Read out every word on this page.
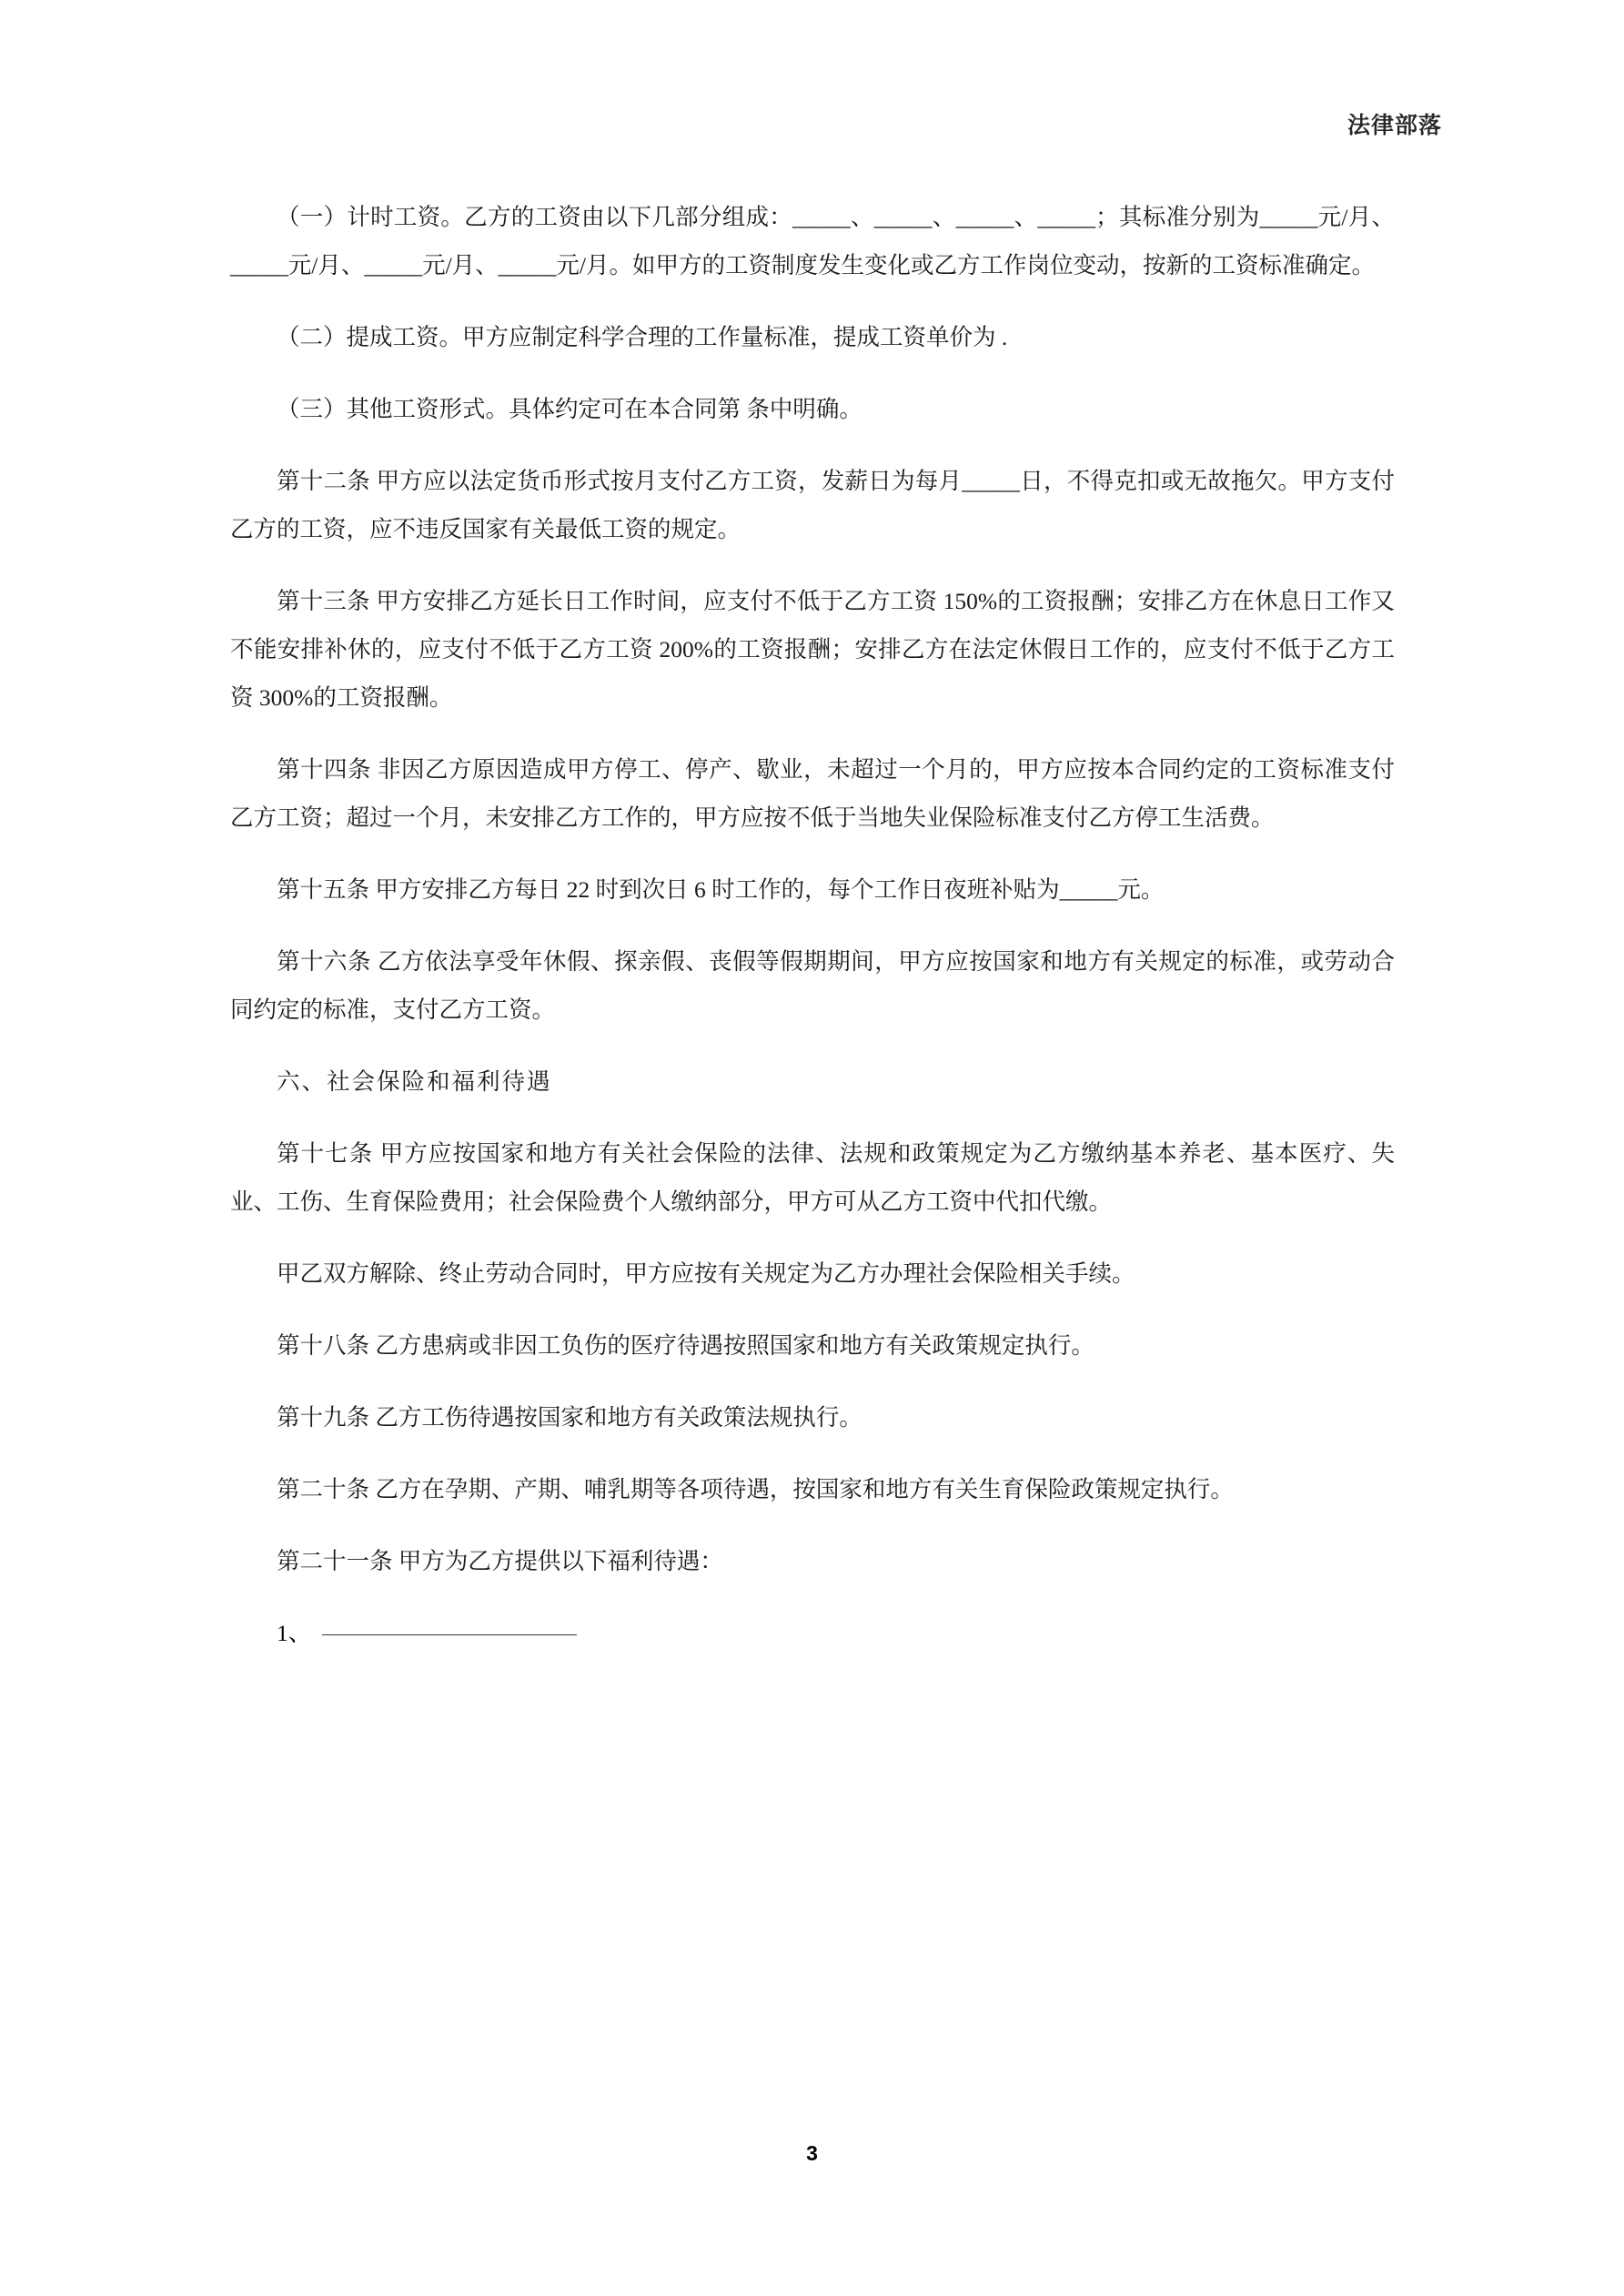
法律部落

（一）计时工资。乙方的工资由以下几部分组成：_____、_____、_____、_____；其标准分别为_____元/月、_____元/月、_____元/月、_____元/月。如甲方的工资制度发生变化或乙方工作岗位变动，按新的工资标准确定。

（二）提成工资。甲方应制定科学合理的工作量标准，提成工资单价为 .

（三）其他工资形式。具体约定可在本合同第 条中明确。

第十二条 甲方应以法定货币形式按月支付乙方工资，发薪日为每月_____日，不得克扣或无故拖欠。甲方支付乙方的工资，应不违反国家有关最低工资的规定。

第十三条 甲方安排乙方延长日工作时间，应支付不低于乙方工资 150%的工资报酬；安排乙方在休息日工作又不能安排补休的，应支付不低于乙方工资 200%的工资报酬；安排乙方在法定休假日工作的，应支付不低于乙方工资 300%的工资报酬。

第十四条 非因乙方原因造成甲方停工、停产、歇业，未超过一个月的，甲方应按本合同约定的工资标准支付乙方工资；超过一个月，未安排乙方工作的，甲方应按不低于当地失业保险标准支付乙方停工生活费。

第十五条 甲方安排乙方每日 22 时到次日 6 时工作的，每个工作日夜班补贴为_____元。

第十六条 乙方依法享受年休假、探亲假、丧假等假期期间，甲方应按国家和地方有关规定的标准，或劳动合同约定的标准，支付乙方工资。

六、社会保险和福利待遇

第十七条 甲方应按国家和地方有关社会保险的法律、法规和政策规定为乙方缴纳基本养老、基本医疗、失业、工伤、生育保险费用；社会保险费个人缴纳部分，甲方可从乙方工资中代扣代缴。

甲乙双方解除、终止劳动合同时，甲方应按有关规定为乙方办理社会保险相关手续。

第十八条 乙方患病或非因工负伤的医疗待遇按照国家和地方有关政策规定执行。

第十九条 乙方工伤待遇按国家和地方有关政策法规执行。

第二十条 乙方在孕期、产期、哺乳期等各项待遇，按国家和地方有关生育保险政策规定执行。

第二十一条 甲方为乙方提供以下福利待遇：

1、

3
